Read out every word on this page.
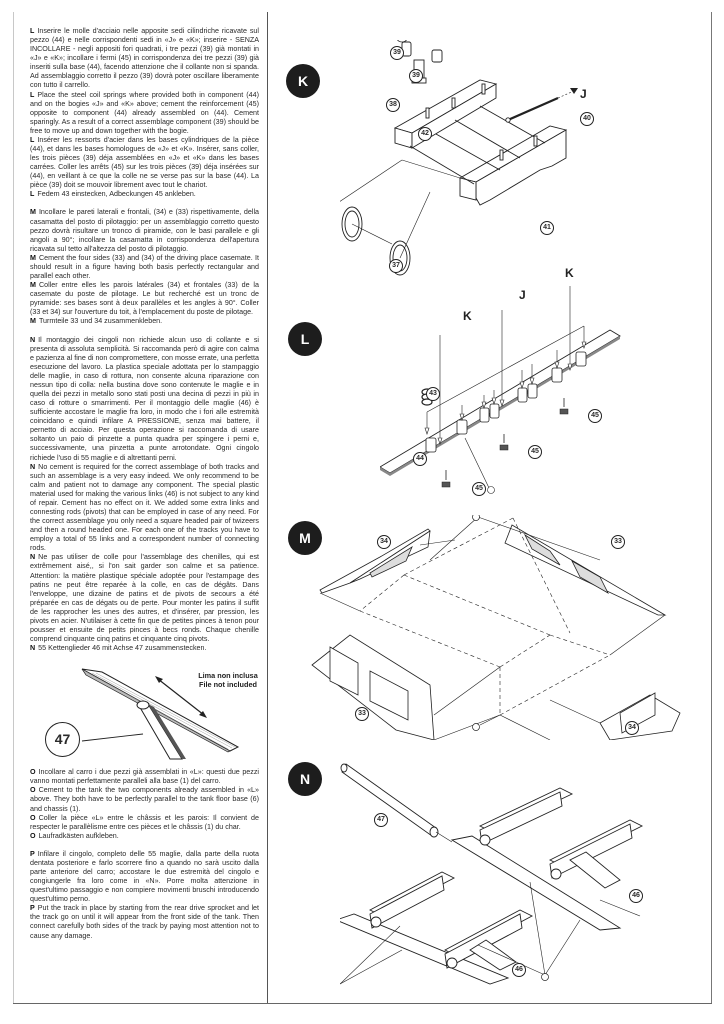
L Inserire le molle d'acciaio nelle apposite sedi cilindriche ricavate sul pezzo (44) e nelle corrispondenti sedi in «J» e «K»; inserire - SENZA INCOLLARE - negli appositi fori quadrati, i tre pezzi (39) già montati in «J» e «K»; incollare i fermi (45) in corrispondenza dei tre pezzi (39) già inseriti sulla base (44), facendo attenzione che il collante non si spanda. Ad assemblaggio corretto il pezzo (39) dovrà poter oscillare liberamente con tutto il carrello.

L Place the steel coil springs where provided both in component (44) and on the bogies «J» and «K» above; cement the reinforcement (45) opposite to component (44) already assembled on (44). Cement sparingly. As a result of a correct assemblage component (39) should be free to move up and down together with the bogie.

L Insérer les ressorts d'acier dans les bases cylindriques de la pièce (44), et dans les bases homologues de «J» et «K». Insérer, sans coller, les trois pièces (39) déja assemblées en «J» et «K» dans les bases carrées. Coller les arrêts (45) sur les trois pièces (39) déja insérées sur (44), en veillant à ce que la colle ne se verse pas sur la base (44). La pièce (39) doit se mouvoir librement avec tout le chariot.

L Fedem 43 einstecken, Adbeckungen 45 ankleben.

M Incollare le pareti laterali e frontali, (34) e (33) rispettivamente, della casamatta del posto di pilotaggio: per un assemblaggio corretto questo pezzo dovrà risultare un tronco di piramide, con le basi parallele e gli angoli a 90°; incollare la casamatta in corrispondenza dell'apertura ricavata sul tetto all'altezza del posto di pilotaggio.

M Cement the four sides (33) and (34) of the driving place casemate. It should result in a figure having both basis perfectly rectangular and parallel each other.

M Coller entre elles les parois latérales (34) et frontales (33) de la casemate du poste de pilotage. Le but recherché est un tronc de pyramide: ses bases sont à deux parallèles et les angles à 90°. Coller (33 et 34) sur l'ouverture du toit, à l'emplacement du poste de pilotage.

M Turmteile 33 und 34 zusammenkleben.

N Il montaggio dei cingoli non richiede alcun uso di collante e si presenta di assoluta semplicità. Si raccomanda però di agire con calma e pazienza al fine di non compromettere, con mosse errate, una perfetta esecuzione del lavoro. La plastica speciale adottata per lo stampaggio delle maglie, in caso di rottura, non consente alcuna riparazione con nessun tipo di colla: nella bustina dove sono contenute le maglie e in quella dei pezzi in metallo sono stati posti una decina di pezzi in più in caso di rotture o smarrimenti. Per il montaggio delle maglie (46) è sufficiente accostare le maglie fra loro, in modo che i fori alle estremità coincidano e quindi infilare A PRESSIONE, senza mai battere, il pernetto di acciaio. Per questa operazione si raccomanda di usare soltanto un paio di pinzette a punta quadra per spingere i perni e, successivamente, una pinzetta a punte arrotondate. Ogni cingolo richiede l'uso di 55 maglie e di altrettanti perni.

N No cement is required for the correct assemblage of both tracks and such an assemblage is a very easy indeed. We only recommend to be calm and patient not to damage any component. The special plastic material used for making the various links (46) is not subject to any kind of repair. Cement has no effect on it. We added some extra links and connesting rods (pivots) that can be employed in case of any need. For the correct assemblage you only need a square headed pair of twizeers and then a round headed one. For each one of the tracks you have to employ a total of 55 links and a correspondent number of connecting rods.

N Ne pas utiliser de colle pour l'assemblage des chenilles, qui est extrêmement aisé,, si l'on sait garder son calme et sa patience. Attention: la matière plastique spéciale adoptée pour l'estampage des patins ne peut être reparée à la colle, en cas de dégâts. Dans l'enveloppe, une dizaine de patins et de pivots de secours a été préparée en cas de dégats ou de perte. Pour monter les patins il suffit de les rapprocher les unes des autres, et d'insérer, par pression, les pivots en acier. N'utilaiser à cette fin que de petites pinces à tenon pour pousser et ensuite de petits pinces à becs ronds. Chaque chenille comprend cinquante cinq patins et cinquante cinq pivots.

N 55 Kettenglieder 46 mit Achse 47 zusammenstecken.

Lima non inclusa
File not included
47

O Incollare al carro i due pezzi già assemblati in «L»: questi due pezzi vanno montati perfettamente paralleli alla base (1) del carro.

O Cement to the tank the two components already assembled in «L» above. They both have to be perfectly parallel to the tank floor base (6) and chassis (1).

O Coller la pièce «L» entre le châssis et les parois: Il convient de respecter le parallèlisme entre ces pièces et le châssis (1) du char.

O Laufradkästen aufkleben.

P Infilare il cingolo, completo delle 55 maglie, dalla parte della ruota dentata posteriore e farlo scorrere fino a quando no sarà uscito dalla parte anteriore del carro; accostare le due estremità del cingolo e congiungerle fra loro come in «N». Porre molta attenzione in quest'ultimo passaggio e non compiere movimenti bruschi introducendo quest'ultimo perno.

P Put the track in place by starting from the rear drive sprocket and let the track go on until it will appear from the front side of the tank. Then connect carefully both sides of the track by paying most attention not to cause any damage.

K
J
39
39
38
42
40
41
37
L
K
J
K
43
44
45
45
45
M	34	33
33
34
N
47
46
46
